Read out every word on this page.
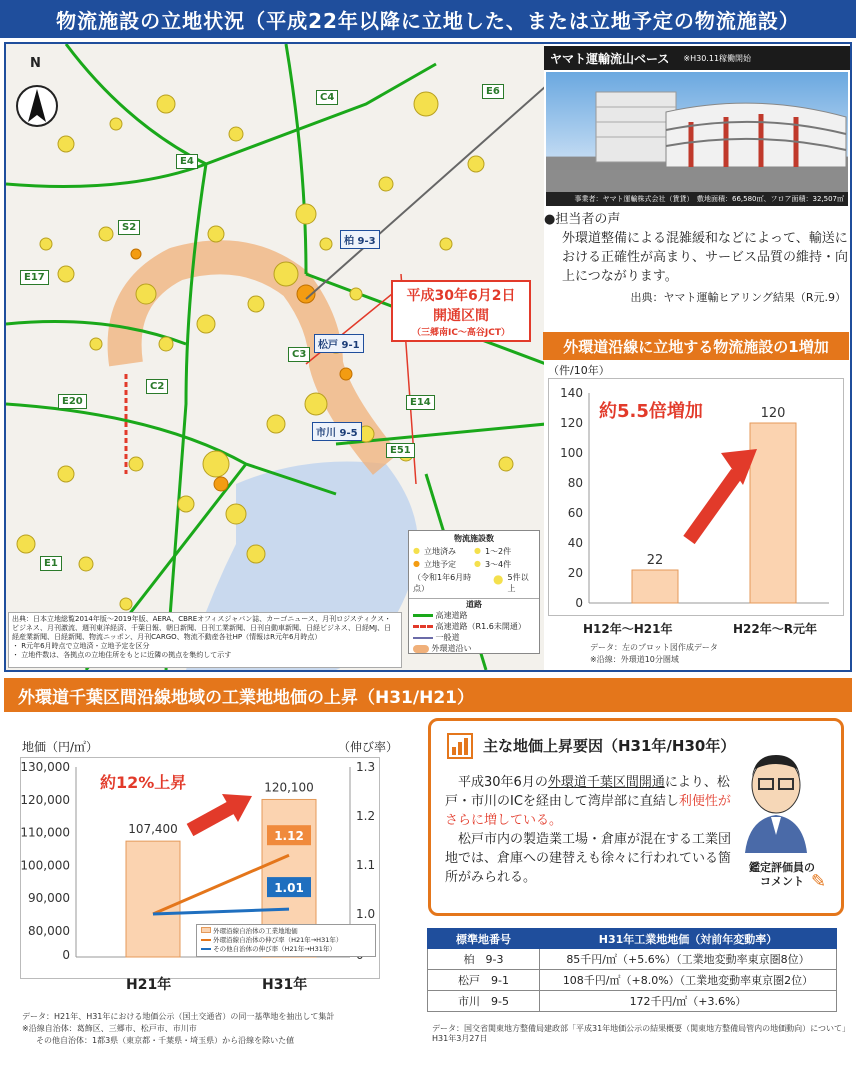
物流施設の立地状況（平成22年以降に立地した、または立地予定の物流施設）
N
C4
E6
E4
S2
E17
C3
C2
E20	E14
E51
E1
柏 9-3
松戸 9-1
市川 9-5
平成30年6月2日
開通区間
（三郷南IC～高谷JCT）
物流施設数
● 立地済み ● 1～2件
● 立地予定 ● 3～4件
（令和1年6月時点）
● 5件以上
道路
高速道路
高速道路（R1.6未開通）
一般道
外環道沿い
出典：日本立地総覧2014年版～2019年版、AERA、CBREオフィスジャパン誌、カーゴニュース、月刊ロジスティクス・ビジネス、月刊激流、週刊東洋経済、千葉日報、朝日新聞、日刊工業新聞、日刊自動車新聞、日経ビジネス、日経MJ、日経産業新聞、日経新聞、物流ニッポン、月刊CARGO、物流不動産各社HP（情報はR元年6月時点）
・ R元年6月時点で立地済・立地予定を区分
・ 立地件数は、各拠点の立地住所をもとに近隣の拠点を集約して示す
ヤマト運輸流山ベース ※H30.11稼働開始
事業者：ヤマト運輸株式会社（賃貸）　敷地面積：66,580㎡、フロア面積：32,507㎡
●担当者の声
外環道整備による混雑緩和などによって、輸送における正確性が高まり、サービス品質の維持・向上につながります。
出典：ヤマト運輸ヒアリング結果（R元.9）
外環道沿線に立地する物流施設の1増加
（件/10年）
0
20
40
60
80
100
120
140
22
120
約5.5倍増加
H12年～H21年	H22年～R元年
データ：左のプロット図作成データ
※沿線：外環道10分圏域
外環道千葉区間沿線地域の工業地地価の上昇（H31/H21）
地価（円/㎡）	（伸び率）
130,000
120,000
110,000
100,000
90,000
80,000
0
1.3
1.2
1.1
1.0
107,400
120,100
1.12
1.01
約12%上昇
外環沿線自治体の工業地地価
外環沿線自治体の伸び率（H21年→H31年）
その他自治体の伸び率（H21年→H31年）
H21年	H31年
データ：H21年、H31年における地価公示（国土交通省）の同一基準地を抽出して集計
※沿線自治体：葛飾区、三郷市、松戸市、市川市
その他自治体：1都3県（東京都・千葉県・埼玉県）から沿線を除いた値
主な地価上昇要因（H31年/H30年）
平成30年6月の外環道千葉区間開通により、松戸・市川のICを経由して湾岸部に直結し利便性がさらに増している。
松戸市内の製造業工場・倉庫が混在する工業団地では、倉庫への建替えも徐々に行われている箇所がみられる。
鑑定評価員のコメント ✎
標準地番号	H31年工業地地価（対前年変動率）
柏　9-3	85千円/㎡（+5.6%）（工業地変動率東京圏8位）
松戸　9-1	108千円/㎡（+8.0%）（工業地変動率東京圏2位）
市川　9-5	172千円/㎡（+3.6%）
データ：国交省関東地方整備局建政部「平成31年地価公示の結果概要（関東地方整備局管内の地価動向）について」H31年3月27日
